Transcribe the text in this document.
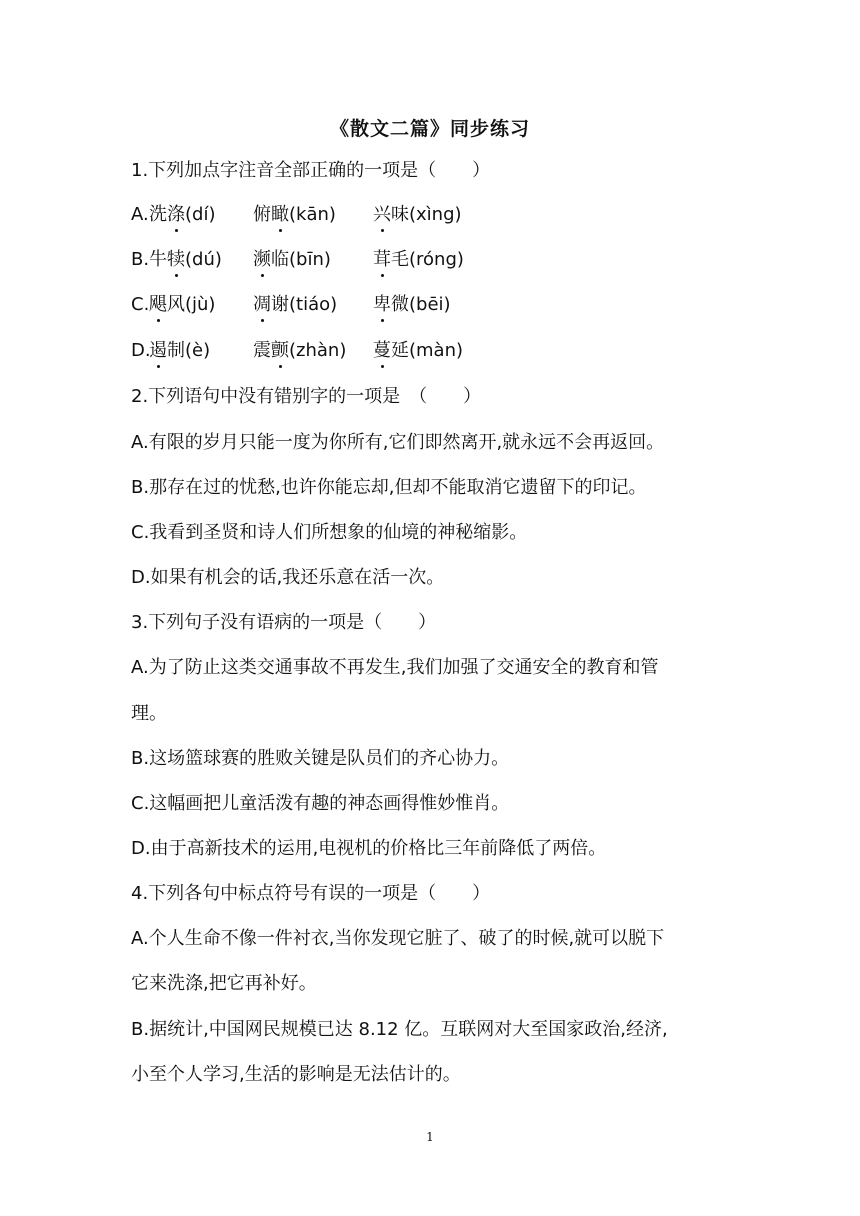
《散文二篇》同步练习
1.下列加点字注音全部正确的一项是（　　）
A. 洗涤(dí) 俯瞰(kān) 兴味(xìng)
B. 牛犊(dú) 濒临(bīn) 茸毛(róng)
C. 飓风(jù) 凋谢(tiáo) 卑微(bēi)
D.
遏制(è) 震颤(zhàn) 蔓延(màn)
2.下列语句中没有错别字的一项是　（　　）
A.有限的岁月只能一度为你所有,它们即然离开,就永远不会再返回。
B.那存在过的忧愁,也许你能忘却,但却不能取消它遗留下的印记。
C.我看到圣贤和诗人们所想象的仙境的神秘缩影。
D.如果有机会的话,我还乐意在活一次。
3.下列句子没有语病的一项是（　　）
A.为了防止这类交通事故不再发生,我们加强了交通安全的教育和管
理。
B.这场篮球赛的胜败关键是队员们的齐心协力。
C.这幅画把儿童活泼有趣的神态画得惟妙惟肖。
D.由于高新技术的运用,电视机的价格比三年前降低了两倍。
4.下列各句中标点符号有误的一项是（　　）
A.个人生命不像一件衬衣,当你发现它脏了、破了的时候,就可以脱下
它来洗涤,把它再补好。
B.据统计,中国网民规模已达 8.12 亿。互联网对大至国家政治,经济,
小至个人学习,生活的影响是无法估计的。
1
